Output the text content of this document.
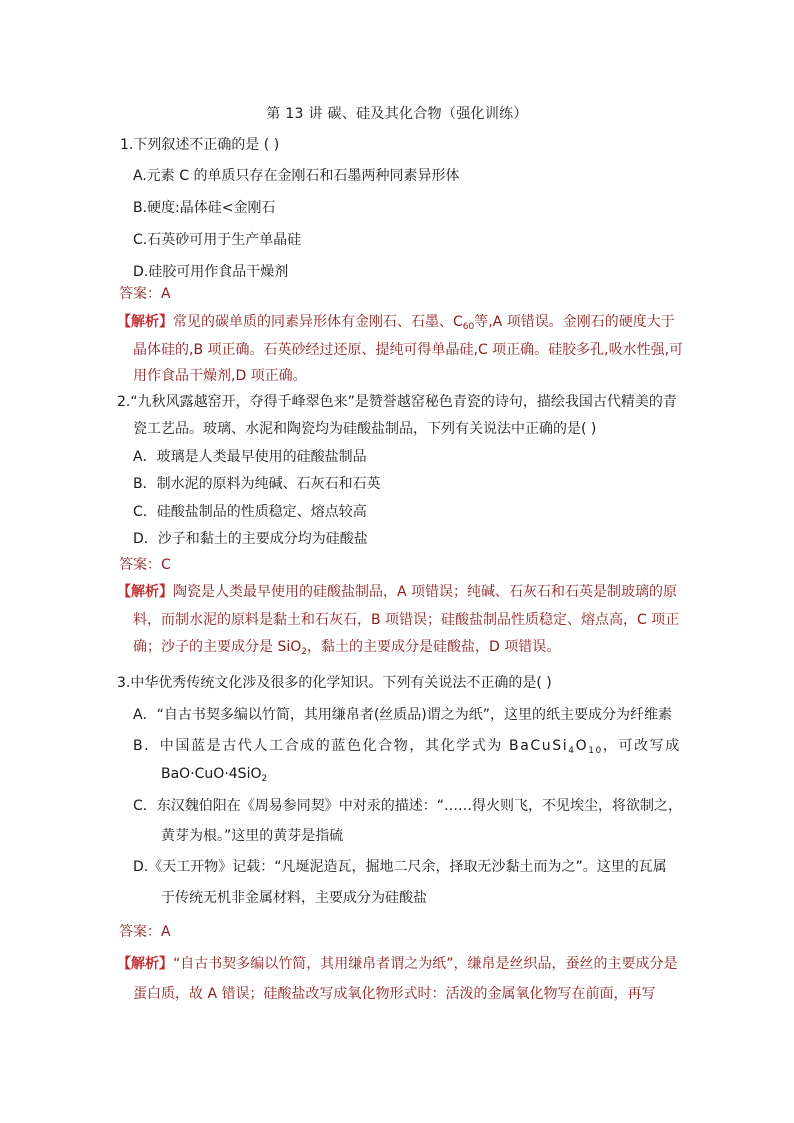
第 13 讲 碳、硅及其化合物（强化训练）
1.下列叙述不正确的是 ( )
A.元素 C 的单质只存在金刚石和石墨两种同素异形体
B.硬度:晶体硅<金刚石
C.石英砂可用于生产单晶硅
D.硅胶可用作食品干燥剂
答案：A
【解析】常见的碳单质的同素异形体有金刚石、石墨、$C_{60}$等,A 项错误。金刚石的硬度大于
晶体硅的,B 项正确。石英砂经过还原、提纯可得单晶硅,C 项正确。硅胶多孔,吸水性强,可
用作食品干燥剂,D 项正确。
2.“九秋风露越窑开，夺得千峰翠色来”是赞誉越窑秘色青瓷的诗句，描绘我国古代精美的青
瓷工艺品。玻璃、水泥和陶瓷均为硅酸盐制品，下列有关说法中正确的是( )
A．玻璃是人类最早使用的硅酸盐制品
B．制水泥的原料为纯碱、石灰石和石英
C．硅酸盐制品的性质稳定、熔点较高
D．沙子和黏土的主要成分均为硅酸盐
答案：C
【解析】陶瓷是人类最早使用的硅酸盐制品，A 项错误；纯碱、石灰石和石英是制玻璃的原
料，而制水泥的原料是黏土和石灰石，B 项错误；硅酸盐制品性质稳定、熔点高，C 项正
确；沙子的主要成分是 SiO$_2$，黏土的主要成分是硅酸盐，D 项错误。
3.中华优秀传统文化涉及很多的化学知识。下列有关说法不正确的是( )
A．“自古书契多编以竹简，其用缣帛者(丝质品)谓之为纸”，这里的纸主要成分为纤维素
B．中国蓝是古代人工合成的蓝色化合物，其化学式为 $BaCuSi_4O_{10}$，可改写成
BaO·CuO·4SiO$_2$
C．东汉魏伯阳在《周易参同契》中对汞的描述：“……得火则飞，不见埃尘，将欲制之，
黄芽为根。”这里的黄芽是指硫
D.《天工开物》记载：“凡埏泥造瓦，掘地二尺余，择取无沙黏土而为之”。这里的瓦属
于传统无机非金属材料，主要成分为硅酸盐
答案：A
【解析】“自古书契多编以竹简，其用缣帛者谓之为纸”，缣帛是丝织品，蚕丝的主要成分是
蛋白质，故 A 错误；硅酸盐改写成氧化物形式时：活泼的金属氧化物写在前面，再写
